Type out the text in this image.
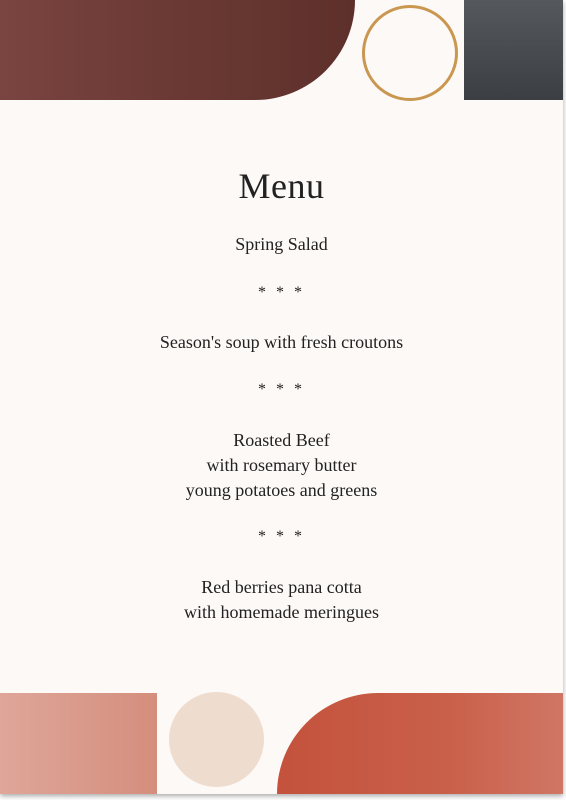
Menu

Spring Salad

* * *

Season's soup with fresh croutons

* * *

Roasted Beef

with rosemary butter

young potatoes and greens

* * *

Red berries pana cotta

with homemade meringues
